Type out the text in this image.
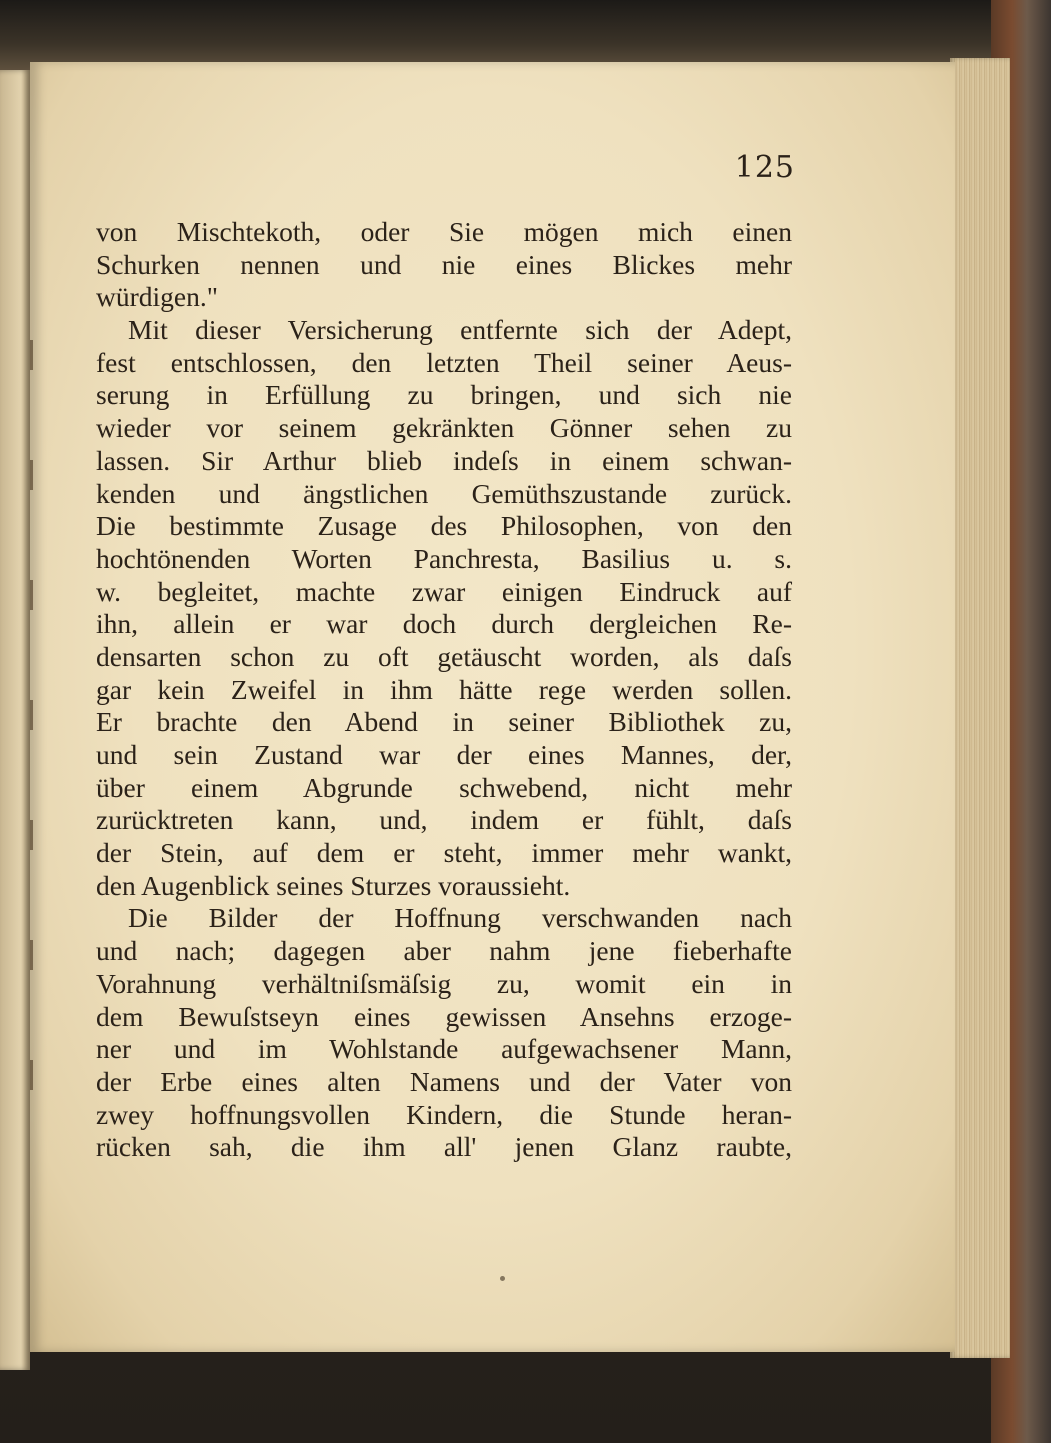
125
von Mischtekoth, oder Sie mögen mich einen
Schurken nennen und nie eines Blickes mehr
würdigen."
Mit dieser Versicherung entfernte sich der Adept,
fest entschlossen, den letzten Theil seiner Aeus-
serung in Erfüllung zu bringen, und sich nie
wieder vor seinem gekränkten Gönner sehen zu
lassen. Sir Arthur blieb indeſs in einem schwan-
kenden und ängstlichen Gemüthszustande zurück.
Die bestimmte Zusage des Philosophen, von den
hochtönenden Worten Panchresta, Basilius u. s.
w. begleitet, machte zwar einigen Eindruck auf
ihn, allein er war doch durch dergleichen Re-
densarten schon zu oft getäuscht worden, als daſs
gar kein Zweifel in ihm hätte rege werden sollen.
Er brachte den Abend in seiner Bibliothek zu,
und sein Zustand war der eines Mannes, der,
über einem Abgrunde schwebend, nicht mehr
zurücktreten kann, und, indem er fühlt, daſs
der Stein, auf dem er steht, immer mehr wankt,
den Augenblick seines Sturzes voraussieht.
Die Bilder der Hoffnung verschwanden nach
und nach; dagegen aber nahm jene fieberhafte
Vorahnung verhältniſsmäſsig zu, womit ein in
dem Bewuſstseyn eines gewissen Ansehns erzoge-
ner und im Wohlstande aufgewachsener Mann,
der Erbe eines alten Namens und der Vater von
zwey hoffnungsvollen Kindern, die Stunde heran-
rücken sah, die ihm all' jenen Glanz raubte,
